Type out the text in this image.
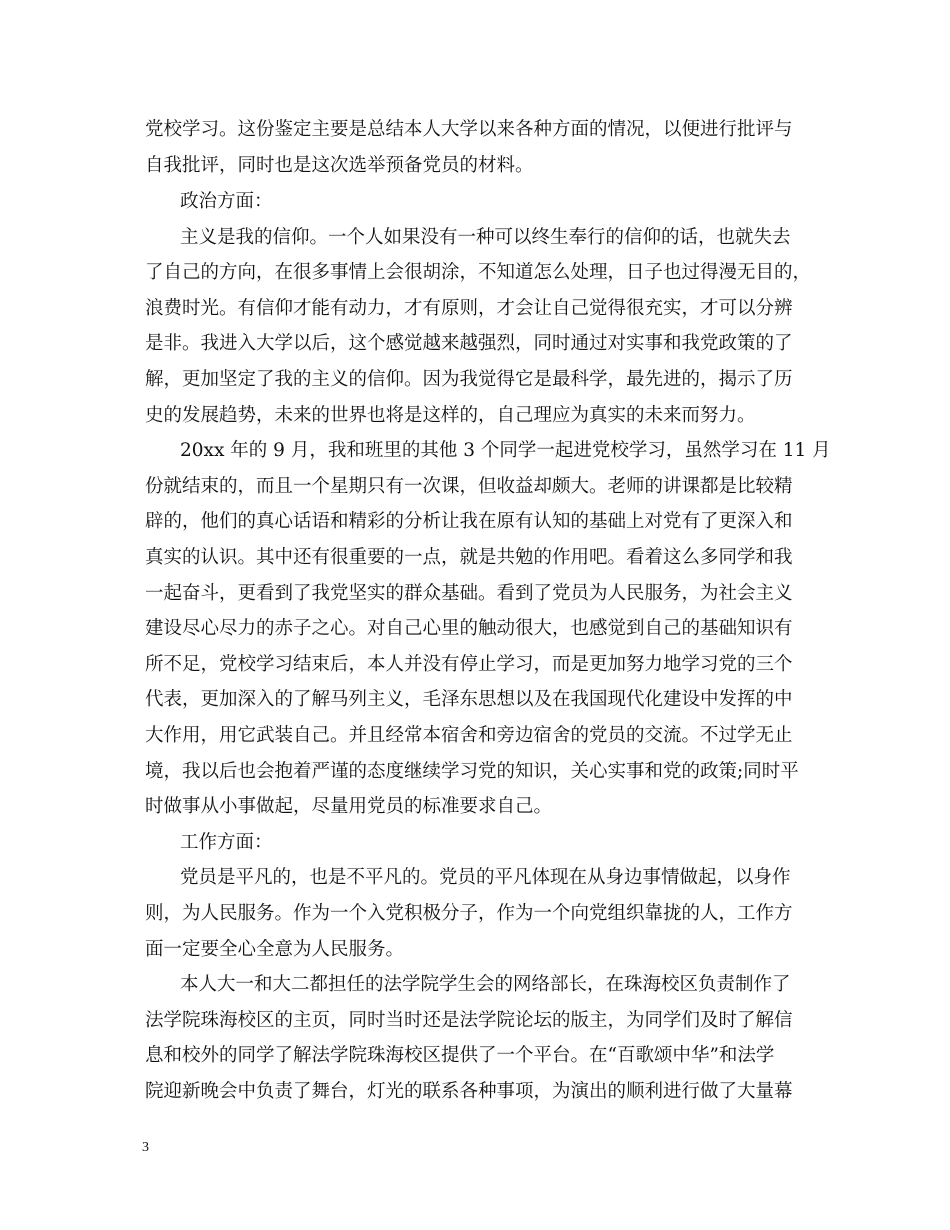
党校学习。这份鉴定主要是总结本人大学以来各种方面的情况，以便进行批评与
自我批评，同时也是这次选举预备党员的材料。
政治方面：
主义是我的信仰。一个人如果没有一种可以终生奉行的信仰的话，也就失去
了自己的方向，在很多事情上会很胡涂，不知道怎么处理，日子也过得漫无目的，
浪费时光。有信仰才能有动力，才有原则，才会让自己觉得很充实，才可以分辨
是非。我进入大学以后，这个感觉越来越强烈，同时通过对实事和我党政策的了
解，更加坚定了我的主义的信仰。因为我觉得它是最科学，最先进的，揭示了历
史的发展趋势，未来的世界也将是这样的，自己理应为真实的未来而努力。
20xx 年的 9 月，我和班里的其他 3 个同学一起进党校学习，虽然学习在 11 月
份就结束的，而且一个星期只有一次课，但收益却颇大。老师的讲课都是比较精
辟的，他们的真心话语和精彩的分析让我在原有认知的基础上对党有了更深入和
真实的认识。其中还有很重要的一点，就是共勉的作用吧。看着这么多同学和我
一起奋斗，更看到了我党坚实的群众基础。看到了党员为人民服务，为社会主义
建设尽心尽力的赤子之心。对自己心里的触动很大，也感觉到自己的基础知识有
所不足，党校学习结束后，本人并没有停止学习，而是更加努力地学习党的三个
代表，更加深入的了解马列主义，毛泽东思想以及在我国现代化建设中发挥的中
大作用，用它武装自己。并且经常本宿舍和旁边宿舍的党员的交流。不过学无止
境，我以后也会抱着严谨的态度继续学习党的知识，关心实事和党的政策;同时平
时做事从小事做起，尽量用党员的标准要求自己。
工作方面：
党员是平凡的，也是不平凡的。党员的平凡体现在从身边事情做起，以身作
则，为人民服务。作为一个入党积极分子，作为一个向党组织靠拢的人，工作方
面一定要全心全意为人民服务。
本人大一和大二都担任的法学院学生会的网络部长，在珠海校区负责制作了
法学院珠海校区的主页，同时当时还是法学院论坛的版主，为同学们及时了解信
息和校外的同学了解法学院珠海校区提供了一个平台。在“百歌颂中华”和法学
院迎新晚会中负责了舞台，灯光的联系各种事项，为演出的顺利进行做了大量幕
3
